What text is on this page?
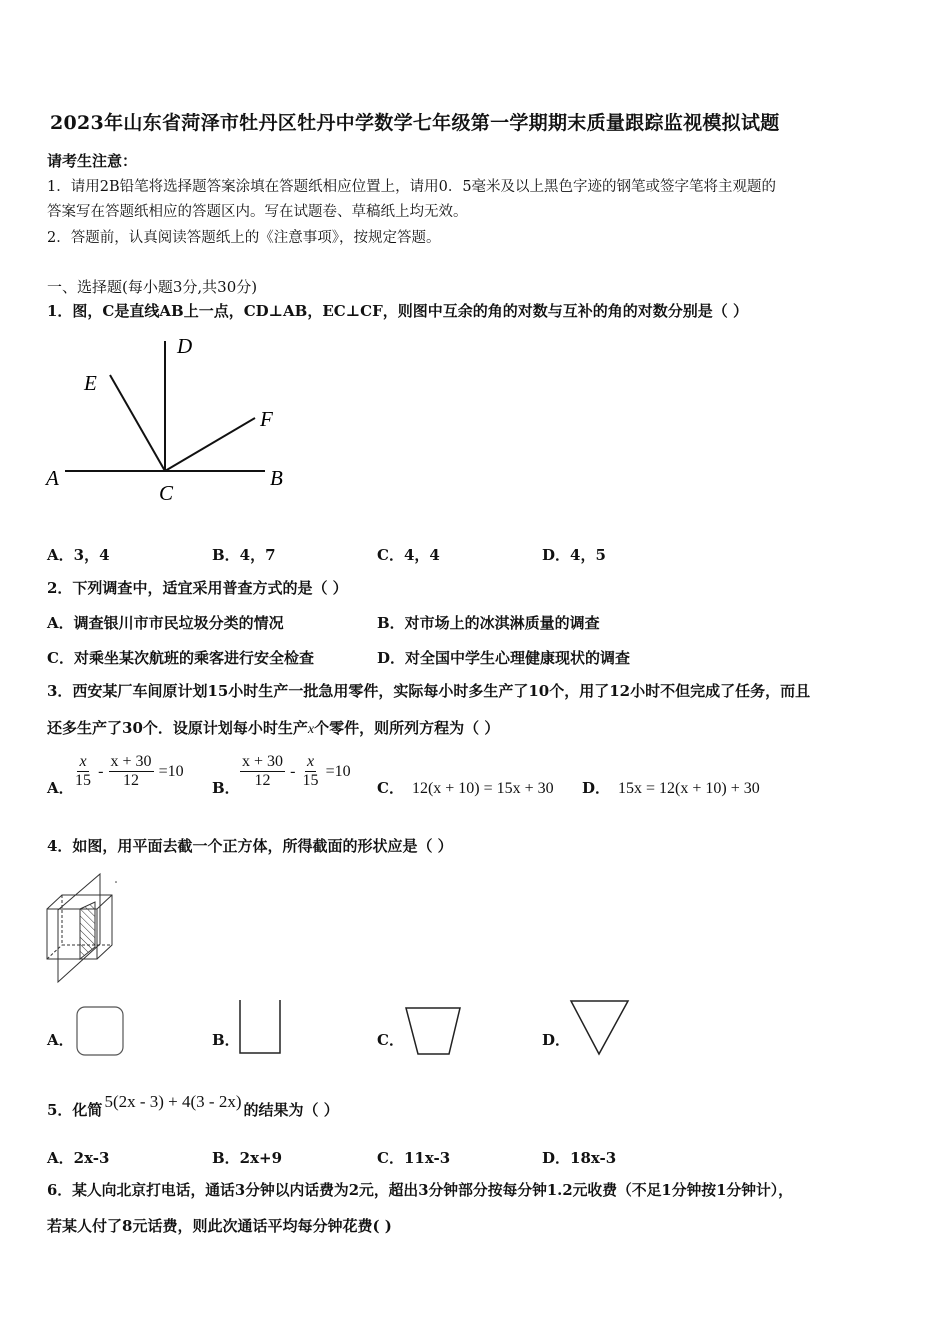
2023年山东省菏泽市牡丹区牡丹中学数学七年级第一学期期末质量跟踪监视模拟试题
请考生注意：
1．请用2B铅笔将选择题答案涂填在答题纸相应位置上，请用0．5毫米及以上黑色字迹的钢笔或签字笔将主观题的
答案写在答题纸相应的答题区内。写在试题卷、草稿纸上均无效。
2．答题前，认真阅读答题纸上的《注意事项》，按规定答题。
一、选择题(每小题3分,共30分)
1．图，C是直线AB上一点，CD⊥AB，EC⊥CF，则图中互余的角的对数与互补的角的对数分别是（ ）
D
E
F
A
C
B
A．3，4	B．4，7	C．4，4	D．4，5
2．下列调查中，适宜采用普查方式的是（ ）
A．调查银川市市民垃圾分类的情况	B．对市场上的冰淇淋质量的调查
C．对乘坐某次航班的乘客进行安全检查	D．对全国中学生心理健康现状的调查
3．西安某厂车间原计划15小时生产一批急用零件，实际每小时多生产了10个，用了12小时不但完成了任务，而且
还多生产了30个．设原计划每小时生产x个零件，则所列方程为（ ）
A． $\frac{x}{15} - \frac{x + 30}{12} =10$
B． $\frac{x + 30}{12} - \frac{x}{15} =10$
C． 12(x + 10) = 15x + 30 D． 15x = 12(x + 10) + 30
4．如图，用平面去截一个正方体，所得截面的形状应是（ ）
A．	B．	C．	D．
5．化简 5(2x - 3) + 4(3 - 2x) 的结果为（ ）
A．2x-3	B．2x+9	C．11x-3	D．18x-3
6．某人向北京打电话，通话3分钟以内话费为2元，超出3分钟部分按每分钟1.2元收费（不足1分钟按1分钟计），
若某人付了8元话费，则此次通话平均每分钟花费( )
